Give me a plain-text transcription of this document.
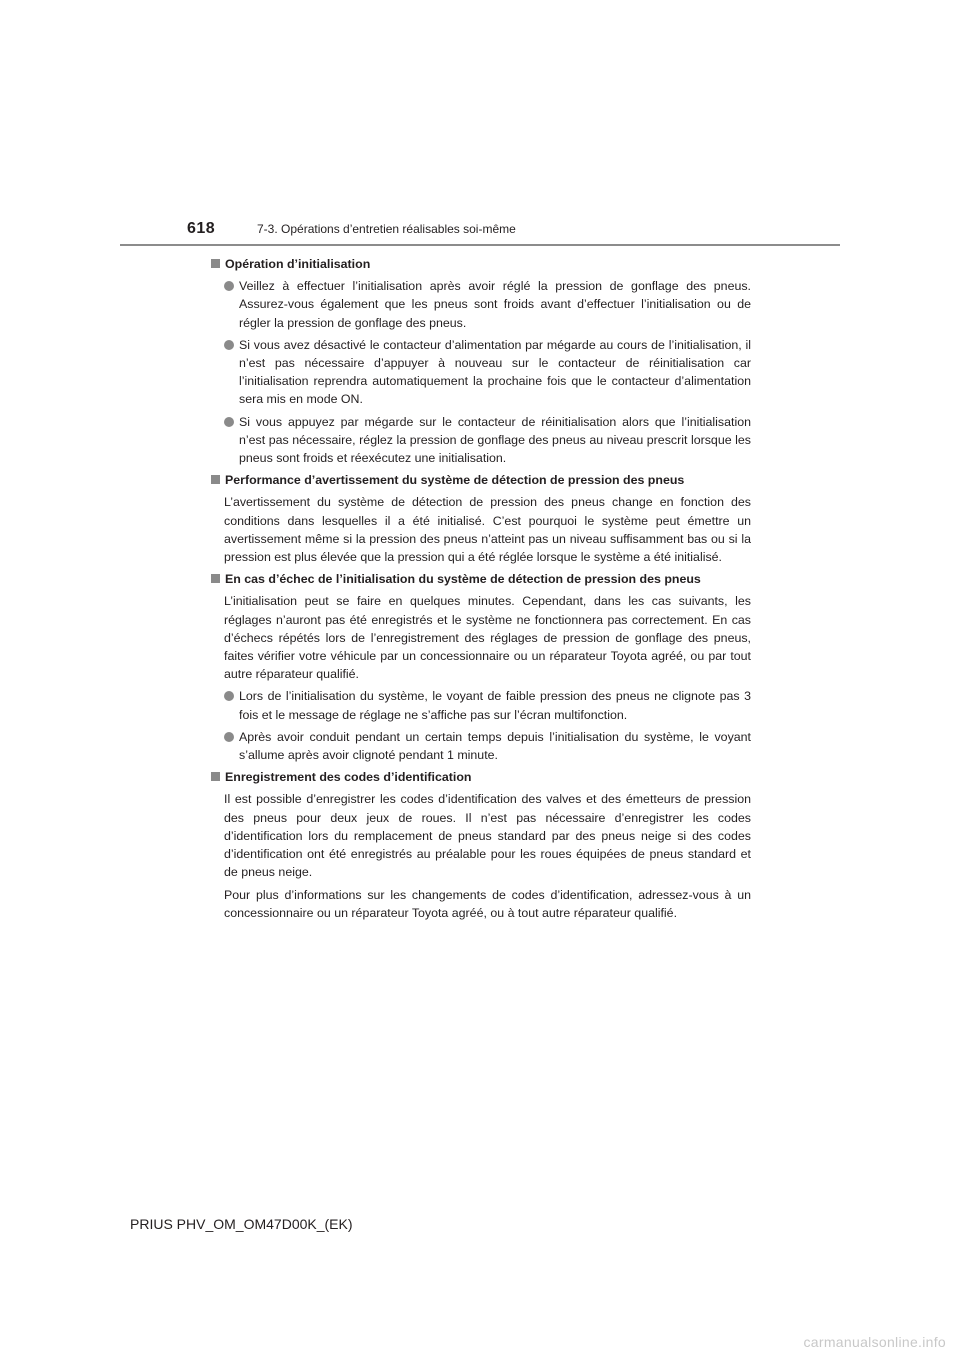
618	7-3. Opérations d’entretien réalisables soi-même
Opération d’initialisation
Veillez à effectuer l’initialisation après avoir réglé la pression de gonflage des pneus. Assurez-vous également que les pneus sont froids avant d’effectuer l’initialisation ou de régler la pression de gonflage des pneus.
Si vous avez désactivé le contacteur d’alimentation par mégarde au cours de l’initialisation, il n’est pas nécessaire d’appuyer à nouveau sur le contacteur de réinitialisation car l’initialisation reprendra automatiquement la prochaine fois que le contacteur d’alimentation sera mis en mode ON.
Si vous appuyez par mégarde sur le contacteur de réinitialisation alors que l’initialisation n’est pas nécessaire, réglez la pression de gonflage des pneus au niveau prescrit lorsque les pneus sont froids et réexécutez une initialisation.
Performance d’avertissement du système de détection de pression des pneus
L’avertissement du système de détection de pression des pneus change en fonction des conditions dans lesquelles il a été initialisé. C’est pourquoi le système peut émettre un avertissement même si la pression des pneus n’atteint pas un niveau suffisamment bas ou si la pression est plus élevée que la pression qui a été réglée lorsque le système a été initialisé.
En cas d’échec de l’initialisation du système de détection de pression des pneus
L’initialisation peut se faire en quelques minutes. Cependant, dans les cas suivants, les réglages n’auront pas été enregistrés et le système ne fonctionnera pas correctement. En cas d’échecs répétés lors de l’enregistrement des réglages de pression de gonflage des pneus, faites vérifier votre véhicule par un concessionnaire ou un réparateur Toyota agréé, ou par tout autre réparateur qualifié.
Lors de l’initialisation du système, le voyant de faible pression des pneus ne clignote pas 3 fois et le message de réglage ne s’affiche pas sur l’écran multifonction.
Après avoir conduit pendant un certain temps depuis l’initialisation du système, le voyant s’allume après avoir clignoté pendant 1 minute.
Enregistrement des codes d’identification
Il est possible d’enregistrer les codes d’identification des valves et des émetteurs de pression des pneus pour deux jeux de roues. Il n’est pas nécessaire d’enregistrer les codes d’identification lors du remplacement de pneus standard par des pneus neige si des codes d’identification ont été enregistrés au préalable pour les roues équipées de pneus standard et de pneus neige.
Pour plus d’informations sur les changements de codes d’identification, adressez-vous à un concessionnaire ou un réparateur Toyota agréé, ou à tout autre réparateur qualifié.
PRIUS PHV_OM_OM47D00K_(EK)
carmanualsonline.info
